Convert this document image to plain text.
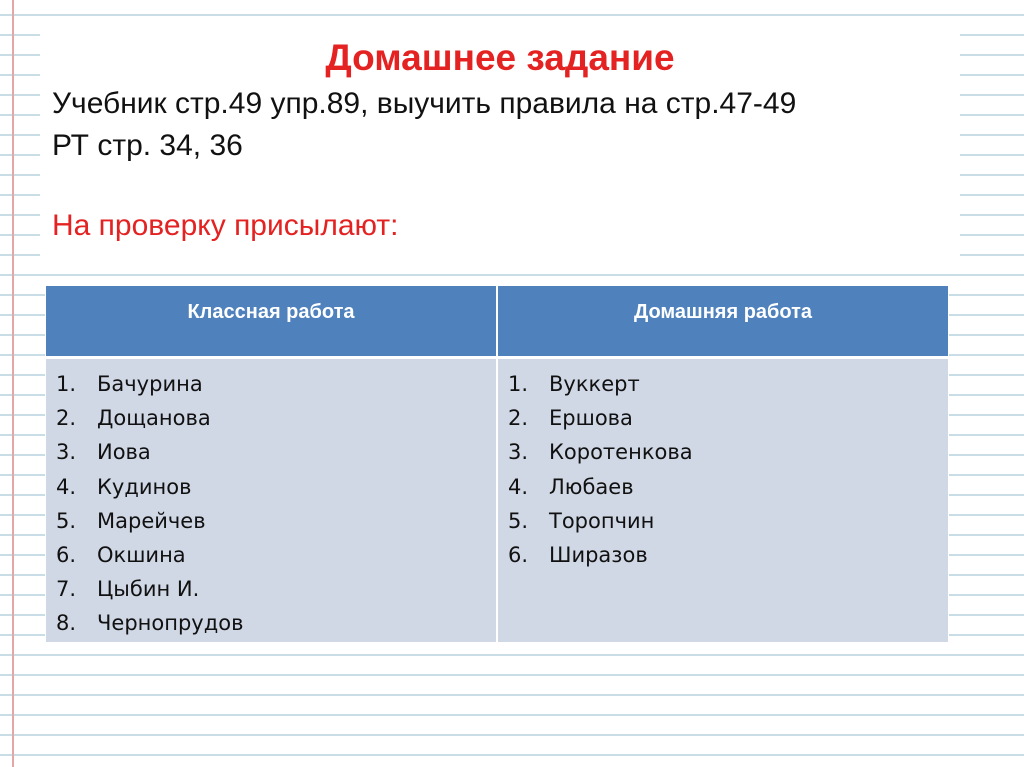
Домашнее задание
Учебник стр.49 упр.89, выучить правила на стр.47-49
РТ стр. 34, 36
На проверку присылают:
Классная работа	Домашняя работа
1. Бачурина
2. Дощанова
3. Иова
4. Кудинов
5. Марейчев
6. Окшина
7. Цыбин И.
8. Чернопрудов
1. Вуккерт
2. Ершова
3. Коротенкова
4. Любаев
5. Торопчин
6. Ширазов
